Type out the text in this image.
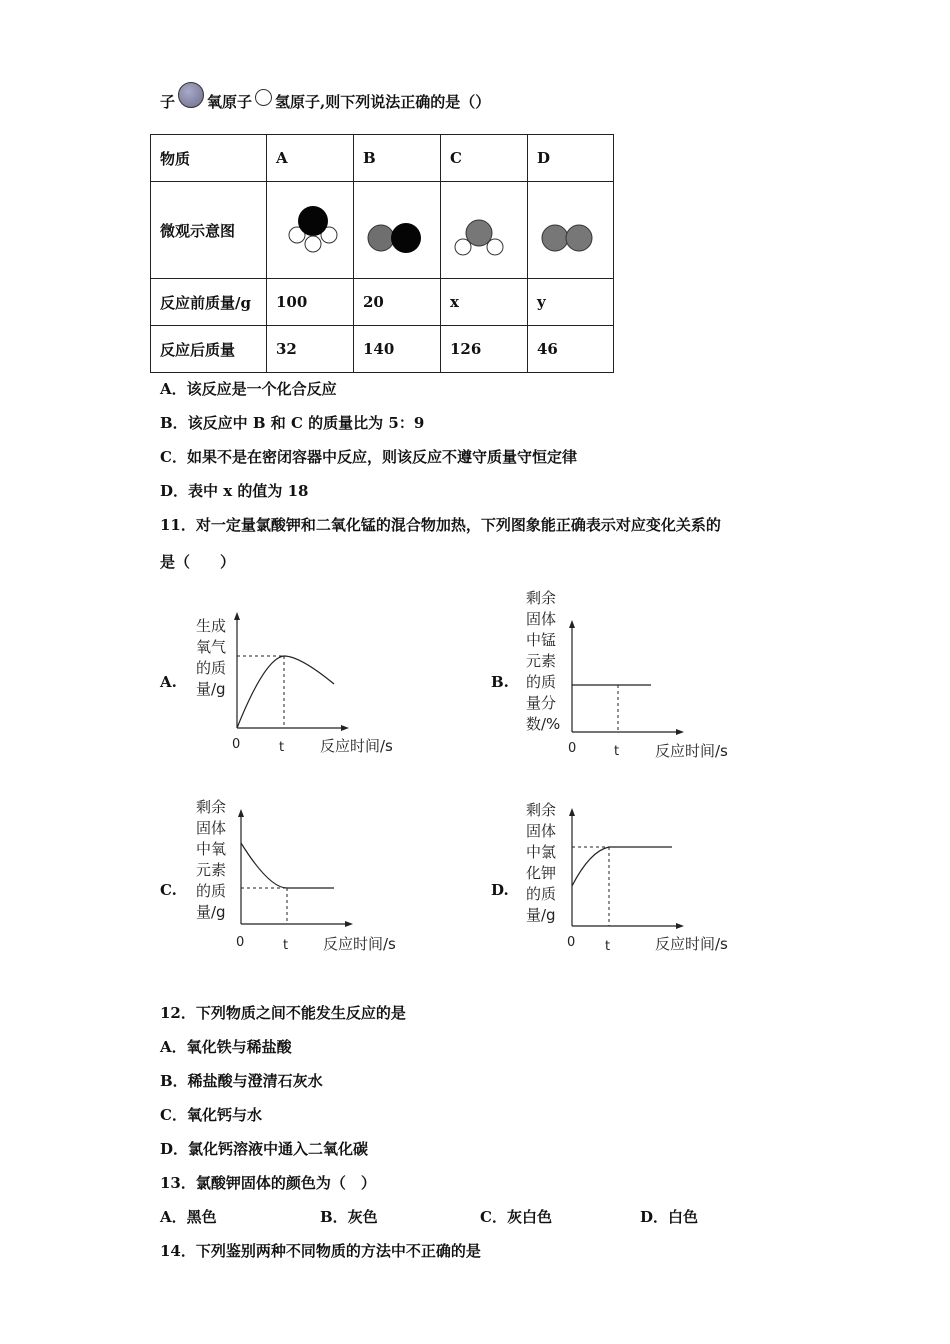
子 氧原子 氢原子,则下列说法正确的是（）
物质	A	B	C	D
微观示意图				
反应前质量/g	100	20	x	y
反应后质量	32	140	126	46
A．该反应是一个化合反应
B．该反应中 B 和 C 的质量比为 5：9
C．如果不是在密闭容器中反应，则该反应不遵守质量守恒定律
D．表中 x 的值为 18
11．对一定量氯酸钾和二氧化锰的混合物加热，下列图象能正确表示对应变化关系的
是（　　）
A.
生成
氧气
的质
量/g
0	t 反应时间/s
B.
剩余
固体
中锰
元素
的质
量分
数/%
0	t 反应时间/s
C.
剩余
固体
中氧
元素
的质
量/g
0	t 反应时间/s
D.
剩余
固体
中氯
化钾
的质
量/g
0 t	反应时间/s
12．下列物质之间不能发生反应的是
A．氧化铁与稀盐酸
B．稀盐酸与澄清石灰水
C．氧化钙与水
D．氯化钙溶液中通入二氧化碳
13．氯酸钾固体的颜色为（　）
A．黑色	B．灰色	C．灰白色	D．白色
14．下列鉴别两种不同物质的方法中不正确的是
